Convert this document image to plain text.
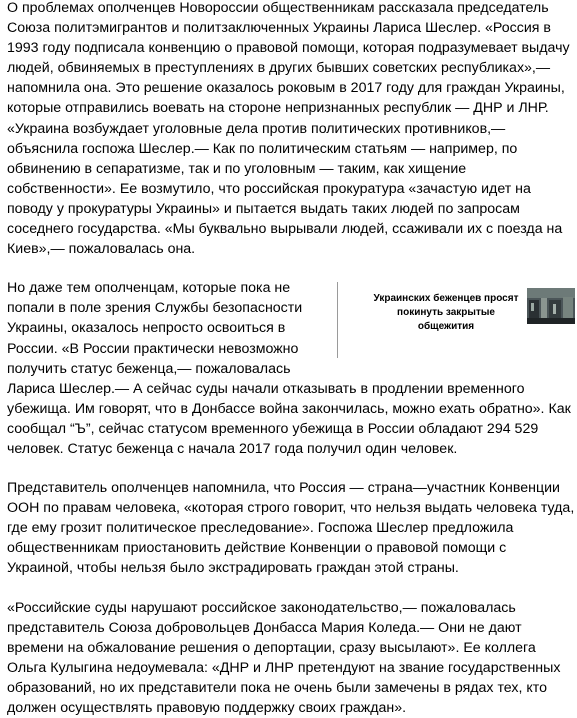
О проблемах ополченцев Новороссии общественникам рассказала председатель Союза политэмигрантов и политзаключенных Украины Лариса Шеслер. «Россия в 1993 году подписала конвенцию о правовой помощи, которая подразумевает выдачу людей, обвиняемых в преступлениях в других бывших советских республиках»,— напомнила она. Это решение оказалось роковым в 2017 году для граждан Украины, которые отправились воевать на стороне непризнанных республик — ДНР и ЛНР. «Украина возбуждает уголовные дела против политических противников,— объяснила госпожа Шеслер.— Как по политическим статьям — например, по обвинению в сепаратизме, так и по уголовным — таким, как хищение собственности». Ее возмутило, что российская прокуратура «зачастую идет на поводу у прокуратуры Украины» и пытается выдать таких людей по запросам соседнего государства. «Мы буквально вырывали людей, ссаживали их с поезда на Киев»,— пожаловалась она.

Украинских беженцев просят покинуть закрытые общежития

Но даже тем ополченцам, которые пока не попали в поле зрения Службы безопасности Украины, оказалось непросто освоиться в России. «В России практически невозможно получить статус беженца,— пожаловалась Лариса Шеслер.— А сейчас суды начали отказывать в продлении временного убежища. Им говорят, что в Донбассе война закончилась, можно ехать обратно». Как сообщал “Ъ”, сейчас статусом временного убежища в России обладают 294 529 человек. Статус беженца с начала 2017 года получил один человек.

Представитель ополченцев напомнила, что Россия — страна—участник Конвенции ООН по правам человека, «которая строго говорит, что нельзя выдать человека туда, где ему грозит политическое преследование». Госпожа Шеслер предложила общественникам приостановить действие Конвенции о правовой помощи с Украиной, чтобы нельзя было экстрадировать граждан этой страны.

«Российские суды нарушают российское законодательство,— пожаловалась представитель Союза добровольцев Донбасса Мария Коледа.— Они не дают времени на обжалование решения о депортации, сразу высылают». Ее коллега Ольга Кулыгина недоумевала: «ДНР и ЛНР претендуют на звание государственных образований, но их представители пока не очень были замечены в рядах тех, кто должен осуществлять правовую поддержку своих граждан».
